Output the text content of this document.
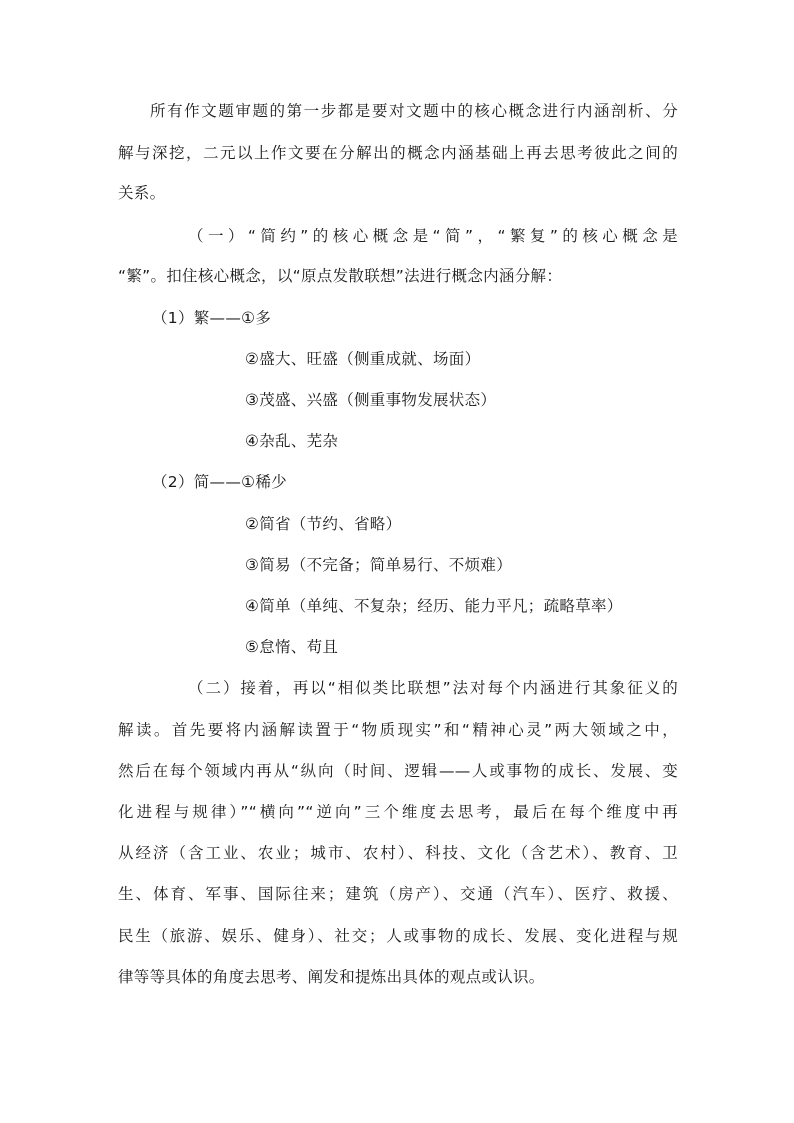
所有作文题审题的第一步都是要对文题中的核心概念进行内涵剖析、分
解与深挖，二元以上作文要在分解出的概念内涵基础上再去思考彼此之间的
关系。
（一）“简约”的核心概念是“简”，“繁复”的核心概念是
“繁”。扣住核心概念，以“原点发散联想”法进行概念内涵分解：
（1）繁——①多
②盛大、旺盛（侧重成就、场面）
③茂盛、兴盛（侧重事物发展状态）
④杂乱、芜杂
（2）简——①稀少
②简省（节约、省略）
③简易（不完备；简单易行、不烦难）
④简单（单纯、不复杂；经历、能力平凡；疏略草率）
⑤怠惰、苟且
（二）接着，再以“相似类比联想”法对每个内涵进行其象征义的
解读。首先要将内涵解读置于“物质现实”和“精神心灵”两大领域之中，
然后在每个领域内再从“纵向（时间、逻辑——人或事物的成长、发展、变
化进程与规律）”“横向”“逆向”三个维度去思考，最后在每个维度中再
从经济（含工业、农业；城市、农村）、科技、文化（含艺术）、教育、卫
生、体育、军事、国际往来；建筑（房产）、交通（汽车）、医疗、救援、
民生（旅游、娱乐、健身）、社交；人或事物的成长、发展、变化进程与规
律等等具体的角度去思考、阐发和提炼出具体的观点或认识。
